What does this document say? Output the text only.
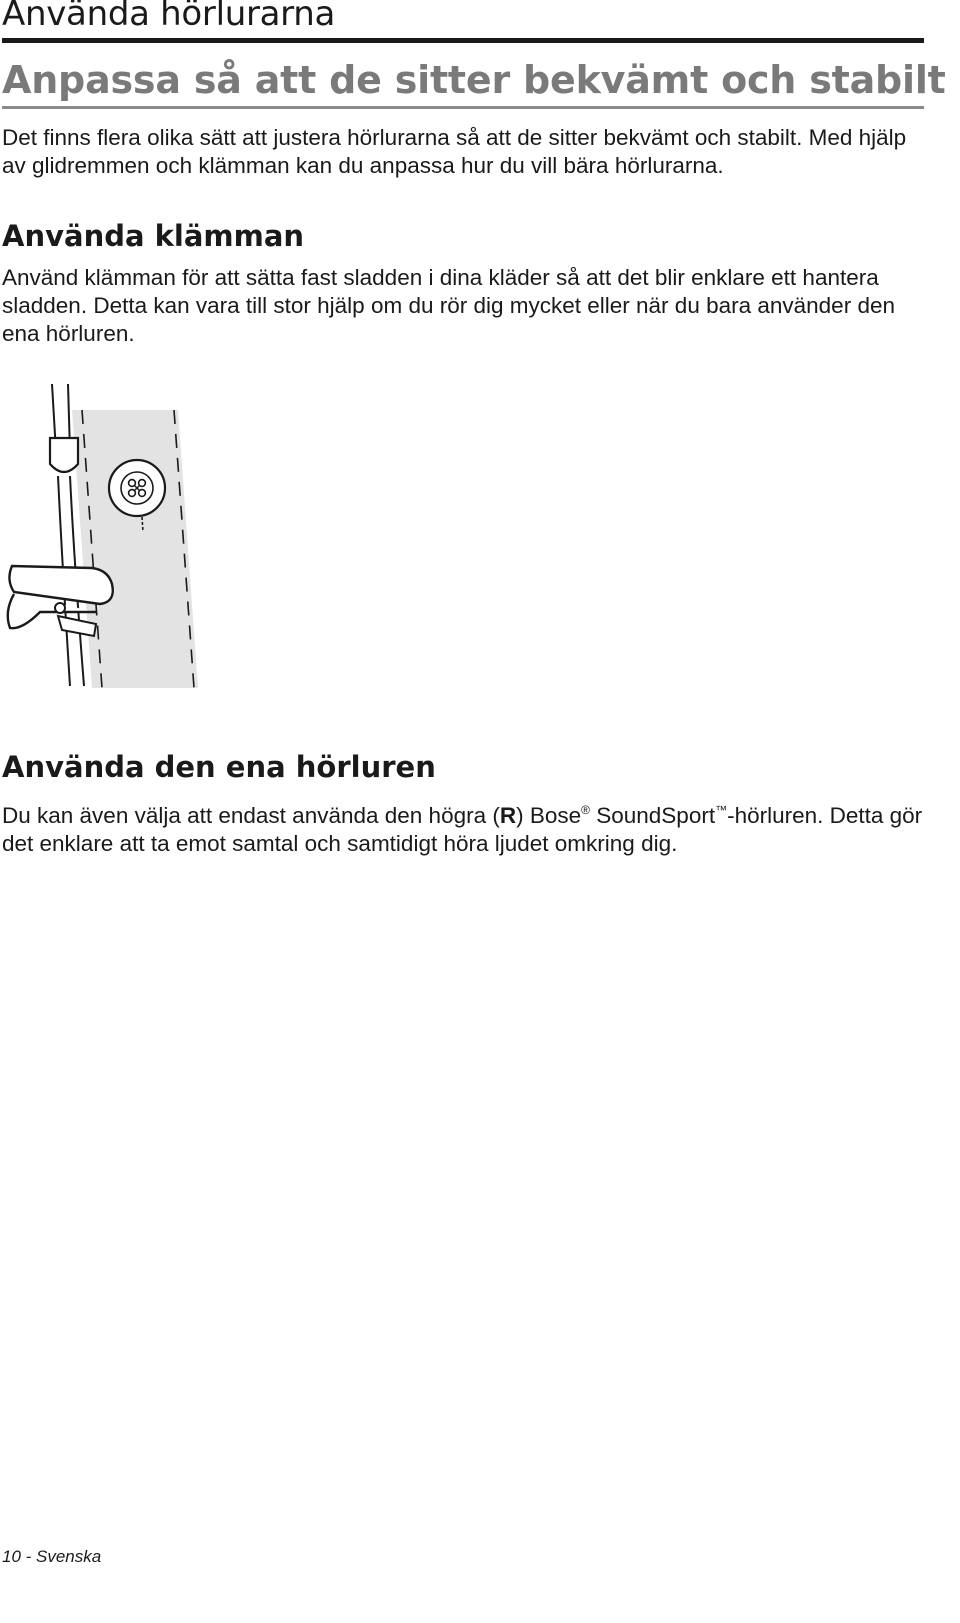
Använda hörlurarna
Anpassa så att de sitter bekvämt och stabilt

Det finns flera olika sätt att justera hörlurarna så att de sitter bekvämt och stabilt. Med hjälp av glidremmen och klämman kan du anpassa hur du vill bära hörlurarna.

Använda klämman

Använd klämman för att sätta fast sladden i dina kläder så att det blir enklare ett hantera sladden. Detta kan vara till stor hjälp om du rör dig mycket eller när du bara använder den ena hörluren.

Använda den ena hörluren

Du kan även välja att endast använda den högra (R) Bose® SoundSport™-hörluren. Detta gör det enklare att ta emot samtal och samtidigt höra ljudet omkring dig.

10 - Svenska
